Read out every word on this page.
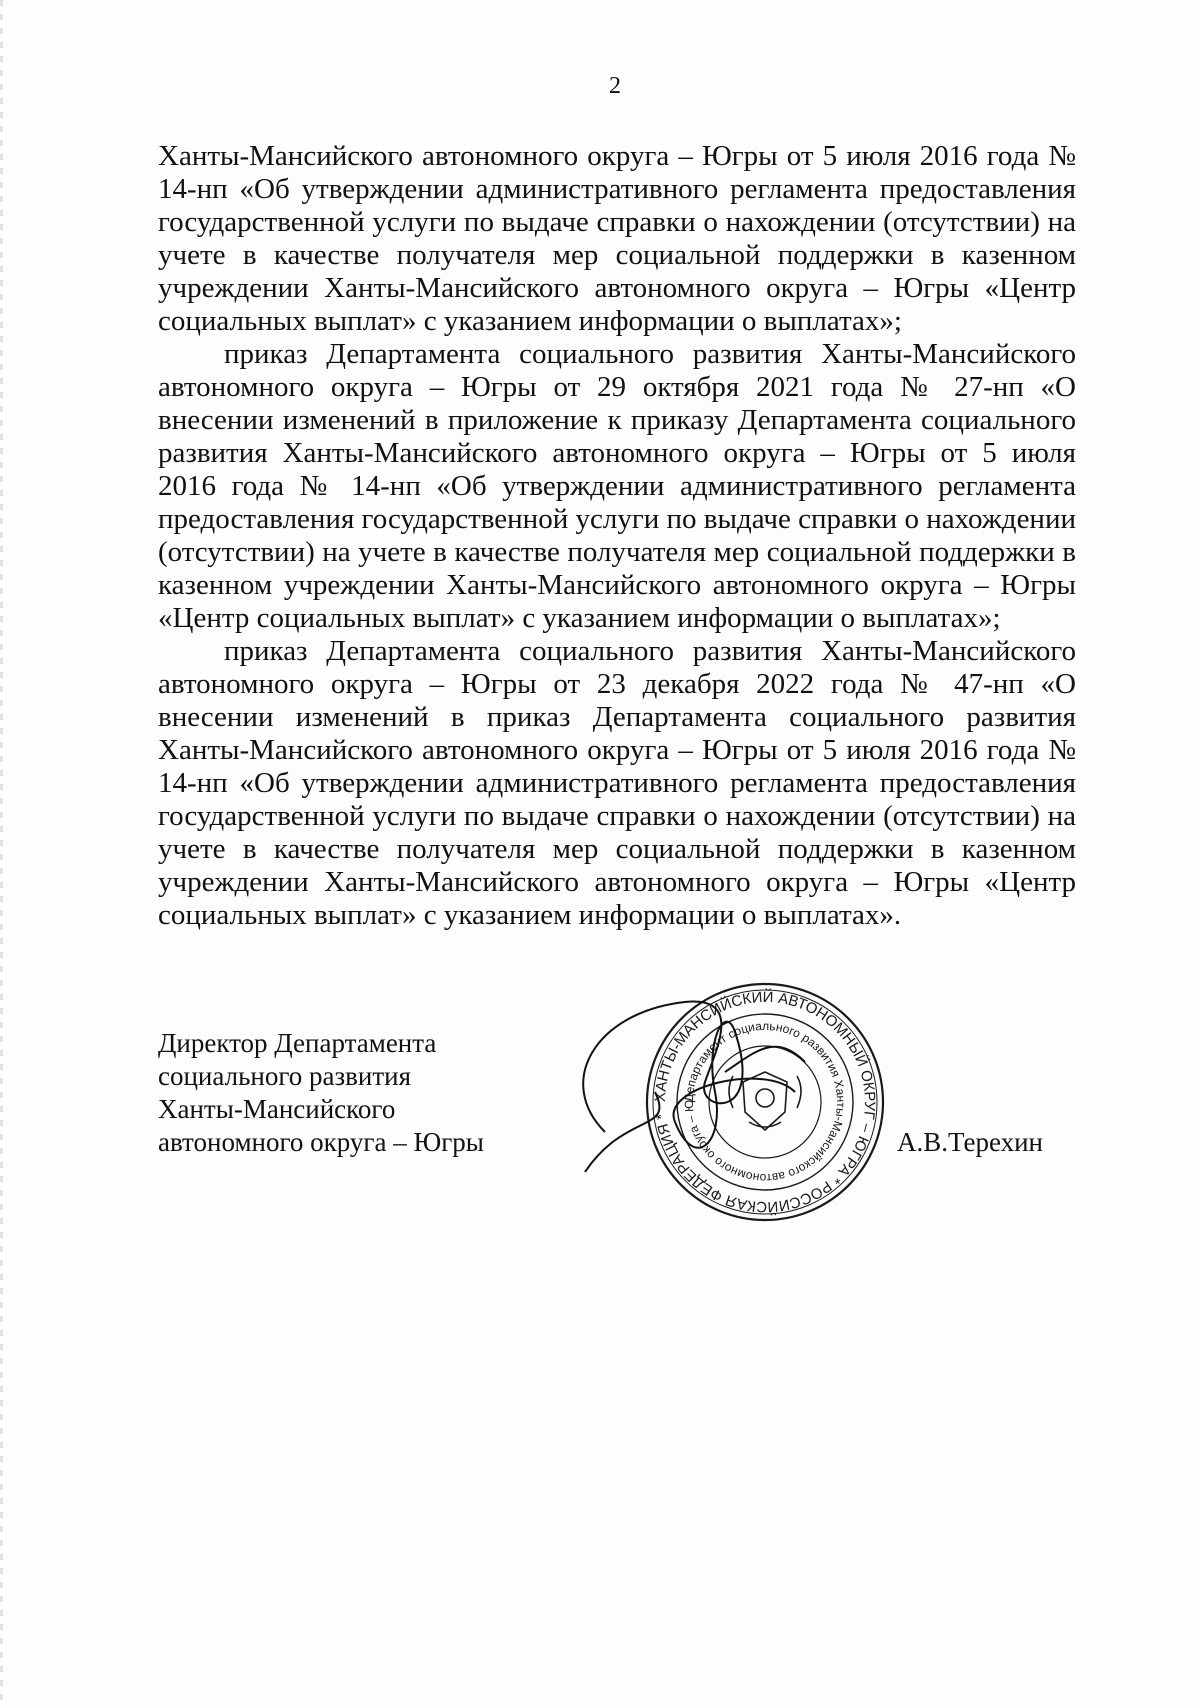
2

Ханты-Мансийского автономного округа – Югры от 5 июля 2016 года № 14-нп «Об утверждении административного регламента предоставления государственной услуги по выдаче справки о нахождении (отсутствии) на учете в качестве получателя мер социальной поддержки в казенном учреждении Ханты-Мансийского автономного округа – Югры «Центр социальных выплат» с указанием информации о выплатах»;

приказ Департамента социального развития Ханты-Мансийского автономного округа – Югры от 29 октября 2021 года № 27-нп «О внесении изменений в приложение к приказу Департамента социального развития Ханты-Мансийского автономного округа – Югры от 5 июля 2016 года № 14-нп «Об утверждении административного регламента предоставления государственной услуги по выдаче справки о нахождении (отсутствии) на учете в качестве получателя мер социальной поддержки в казенном учреждении Ханты-Мансийского автономного округа – Югры «Центр социальных выплат» с указанием информации о выплатах»;

приказ Департамента социального развития Ханты-Мансийского автономного округа – Югры от 23 декабря 2022 года № 47-нп «О внесении изменений в приказ Департамента социального развития Ханты-Мансийского автономного округа – Югры от 5 июля 2016 года № 14-нп «Об утверждении административного регламента предоставления государственной услуги по выдаче справки о нахождении (отсутствии) на учете в качестве получателя мер социальной поддержки в казенном учреждении Ханты-Мансийского автономного округа – Югры «Центр социальных выплат» с указанием информации о выплатах».

Директор Департамента
социального развития
Ханты-Мансийского
автономного округа – Югры
ХАНТЫ-МАНСИЙСКИЙ АВТОНОМНЫЙ ОКРУГ – ЮГРА * РОССИЙСКАЯ ФЕДЕРАЦИЯ *
Департамент социального развития Ханты-Мансийского автономного округа – Ю
А.В.Терехин
